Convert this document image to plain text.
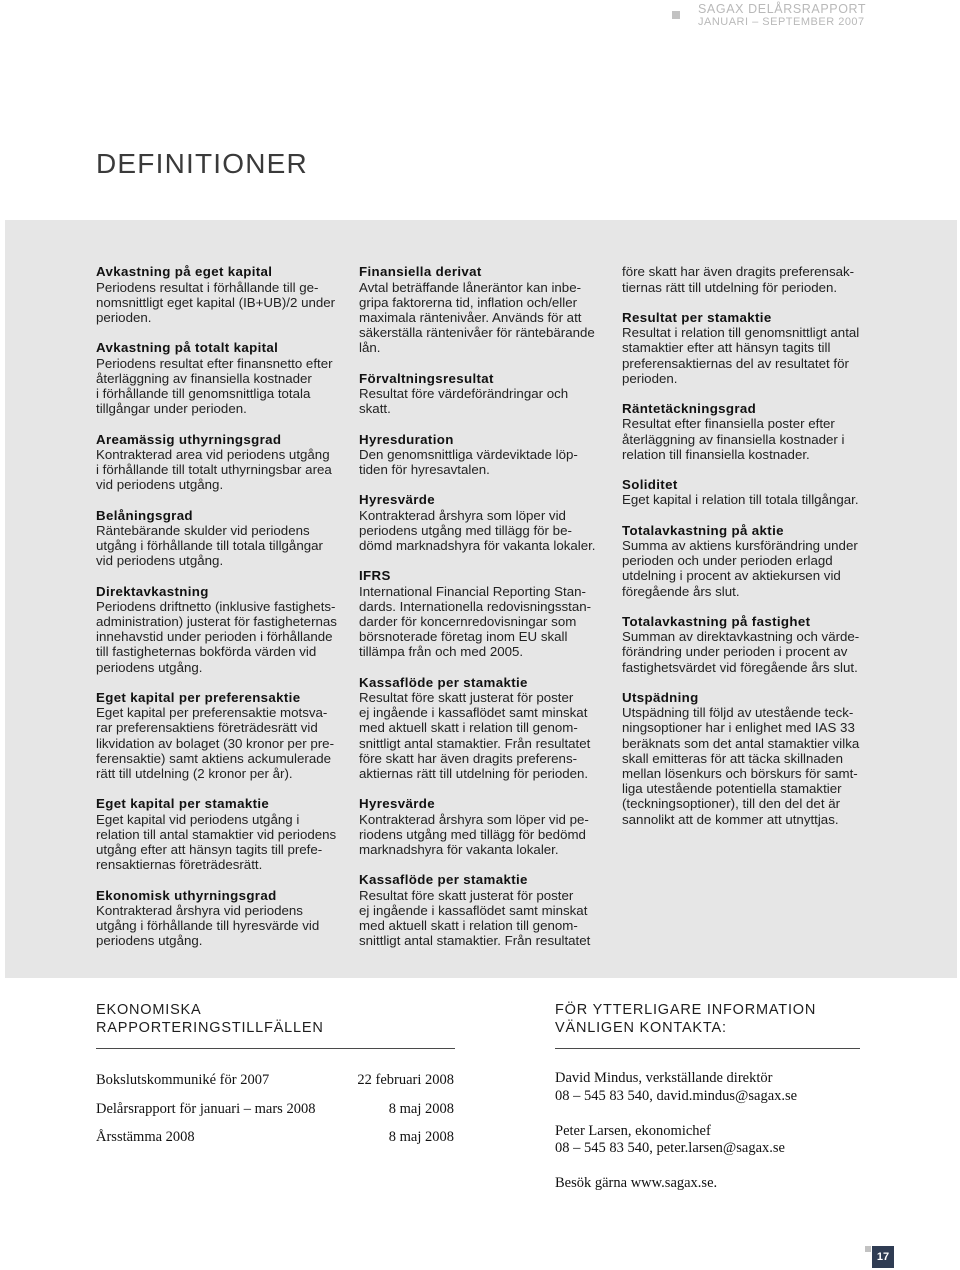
SAGAX DELÅRSRAPPORT
JANUARI – SEPTEMBER 2007
DEFINITIONER
Avkastning på eget kapital
Periodens resultat i förhållande till ge-
nomsnittligt eget kapital (IB+UB)/2 under
perioden.
Avkastning på totalt kapital
Periodens resultat efter finansnetto efter
återläggning av finansiella kostnader
i förhållande till genomsnittliga totala
tillgångar under perioden.
Areamässig uthyrningsgrad
Kontrakterad area vid periodens utgång
i förhållande till totalt uthyrningsbar area
vid periodens utgång.
Belåningsgrad
Räntebärande skulder vid periodens
utgång i förhållande till totala tillgångar
vid periodens utgång.
Direktavkastning
Periodens driftnetto (inklusive fastighets-
administration) justerat för fastigheternas
innehavstid under perioden i förhållande
till fastigheternas bokförda värden vid
periodens utgång.
Eget kapital per preferensaktie
Eget kapital per preferensaktie motsva-
rar preferensaktiens företrädesrätt vid
likvidation av bolaget (30 kronor per pre-
ferensaktie) samt aktiens ackumulerade
rätt till utdelning (2 kronor per år).
Eget kapital per stamaktie
Eget kapital vid periodens utgång i
relation till antal stamaktier vid periodens
utgång efter att hänsyn tagits till prefe-
rensaktiernas företrädesrätt.
Ekonomisk uthyrningsgrad
Kontrakterad årshyra vid periodens
utgång i förhållande till hyresvärde vid
periodens utgång.
Finansiella derivat
Avtal beträffande låneräntor kan inbe-
gripa faktorerna tid, inflation och/eller
maximala räntenivåer. Används för att
säkerställa räntenivåer för räntebärande
lån.
Förvaltningsresultat
Resultat före värdeförändringar och
skatt.
Hyresduration
Den genomsnittliga värdeviktade löp-
tiden för hyresavtalen.
Hyresvärde
Kontrakterad årshyra som löper vid
periodens utgång med tillägg för be-
dömd marknadshyra för vakanta lokaler.
IFRS
International Financial Reporting Stan-
dards. Internationella redovisningsstan-
darder för koncernredovisningar som
börsnoterade företag inom EU skall
tillämpa från och med 2005.
Kassaflöde per stamaktie
Resultat före skatt justerat för poster
ej ingående i kassaflödet samt minskat
med aktuell skatt i relation till genom-
snittligt antal stamaktier. Från resultatet
före skatt har även dragits preferens-
aktiernas rätt till utdelning för perioden.
Hyresvärde
Kontrakterad årshyra som löper vid pe-
riodens utgång med tillägg för bedömd
marknadshyra för vakanta lokaler.
Kassaflöde per stamaktie
Resultat före skatt justerat för poster
ej ingående i kassaflödet samt minskat
med aktuell skatt i relation till genom-
snittligt antal stamaktier. Från resultatet
före skatt har även dragits preferensak-
tiernas rätt till utdelning för perioden.
Resultat per stamaktie
Resultat i relation till genomsnittligt antal
stamaktier efter att hänsyn tagits till
preferensaktiernas del av resultatet för
perioden.
Räntetäckningsgrad
Resultat efter finansiella poster efter
återläggning av finansiella kostnader i
relation till finansiella kostnader.
Soliditet
Eget kapital i relation till totala tillgångar.
Totalavkastning på aktie
Summa av aktiens kursförändring under
perioden och under perioden erlagd
utdelning i procent av aktiekursen vid
föregående års slut.
Totalavkastning på fastighet
Summan av direktavkastning och värde-
förändring under perioden i procent av
fastighetsvärdet vid föregående års slut.
Utspädning
Utspädning till följd av utestående teck-
ningsoptioner har i enlighet med IAS 33
beräknats som det antal stamaktier vilka
skall emitteras för att täcka skillnaden
mellan lösenkurs och börskurs för samt-
liga utestående potentiella stamaktier
(teckningsoptioner), till den del det är
sannolikt att de kommer att utnyttjas.
EKONOMISKA
RAPPORTERINGSTILLFÄLLEN
Bokslutskommuniké för 2007	22 februari 2008
Delårsrapport för januari – mars 2008	8 maj 2008
Årsstämma 2008	8 maj 2008
FÖR YTTERLIGARE INFORMATION
VÄNLIGEN KONTAKTA:
David Mindus, verkställande direktör
08 – 545 83 540, david.mindus@sagax.se
Peter Larsen, ekonomichef
08 – 545 83 540, peter.larsen@sagax.se
Besök gärna www.sagax.se.
17
